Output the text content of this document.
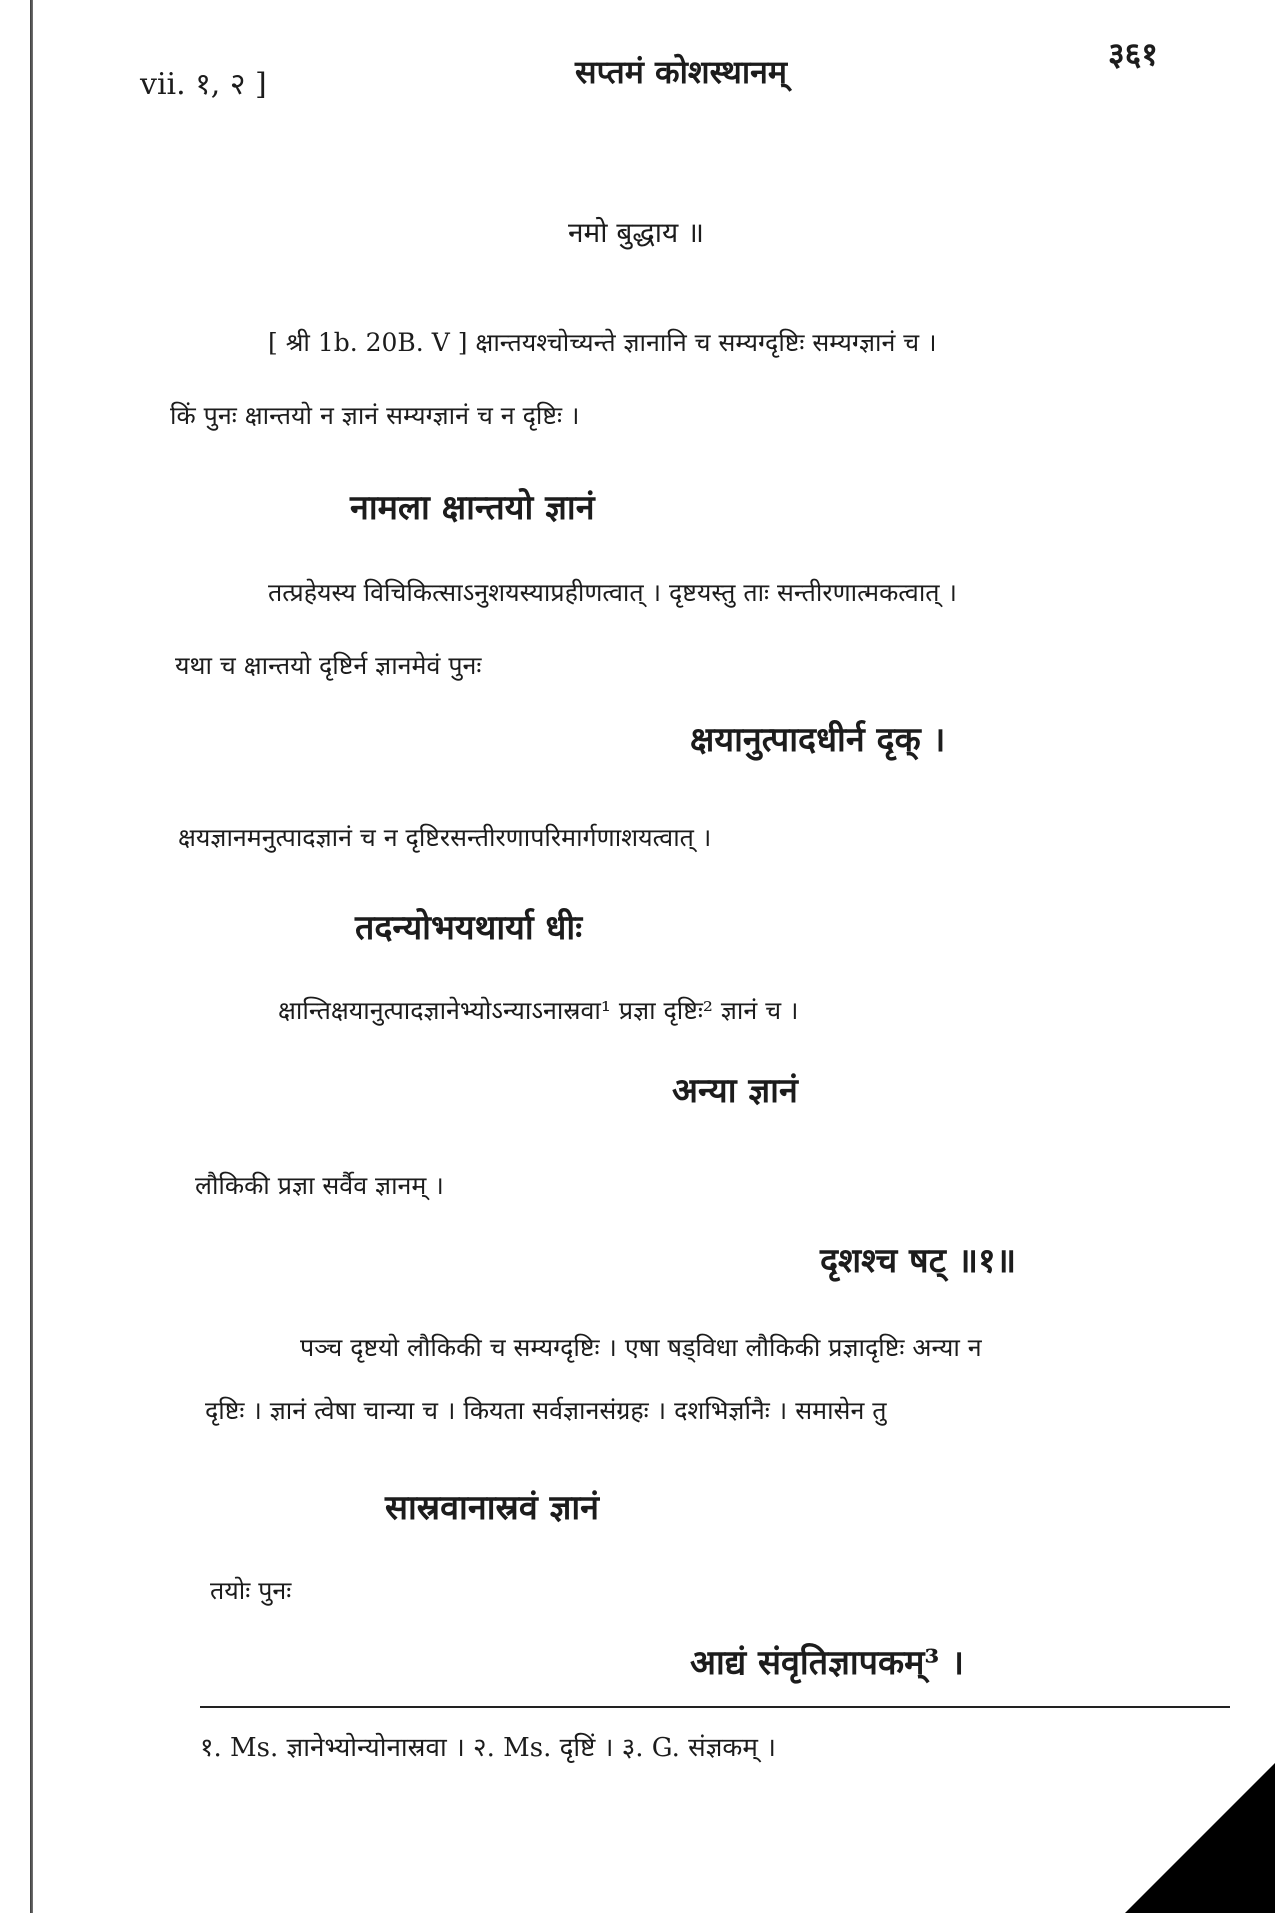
vii. १, २ ]	सप्तमं कोशस्थानम्	३६१
नमो बुद्धाय ॥
[ श्री 1b. 20B. V ] क्षान्तयश्चोच्यन्ते ज्ञानानि च सम्यग्दृष्टिः सम्यग्ज्ञानं च ।
किं पुनः क्षान्तयो न ज्ञानं सम्यग्ज्ञानं च न दृष्टिः ।
नामला क्षान्तयो ज्ञानं
तत्प्रहेयस्य विचिकित्साऽनुशयस्याप्रहीणत्वात् । दृष्टयस्तु ताः सन्तीरणात्मकत्वात् ।
यथा च क्षान्तयो दृष्टिर्न ज्ञानमेवं पुनः
क्षयानुत्पादधीर्न दृक् ।
क्षयज्ञानमनुत्पादज्ञानं च न दृष्टिरसन्तीरणापरिमार्गणाशयत्वात् ।
तदन्योभयथार्या धीः
क्षान्तिक्षयानुत्पादज्ञानेभ्योऽन्याऽनास्रवा¹ प्रज्ञा दृष्टिः² ज्ञानं च ।
अन्या ज्ञानं
लौकिकी प्रज्ञा सर्वैव ज्ञानम् ।
दृशश्च षट् ॥१॥
पञ्च दृष्टयो लौकिकी च सम्यग्दृष्टिः । एषा षड्विधा लौकिकी प्रज्ञादृष्टिः अन्या न
दृष्टिः । ज्ञानं त्वेषा चान्या च । कियता सर्वज्ञानसंग्रहः । दशभिर्ज्ञानैः । समासेन तु
सास्रवानास्रवं ज्ञानं
तयोः पुनः
आद्यं संवृतिज्ञापकम्³ ।
१. Ms. ज्ञानेभ्योन्योनास्रवा । २. Ms. दृष्टिं । ३. G. संज्ञकम् ।
